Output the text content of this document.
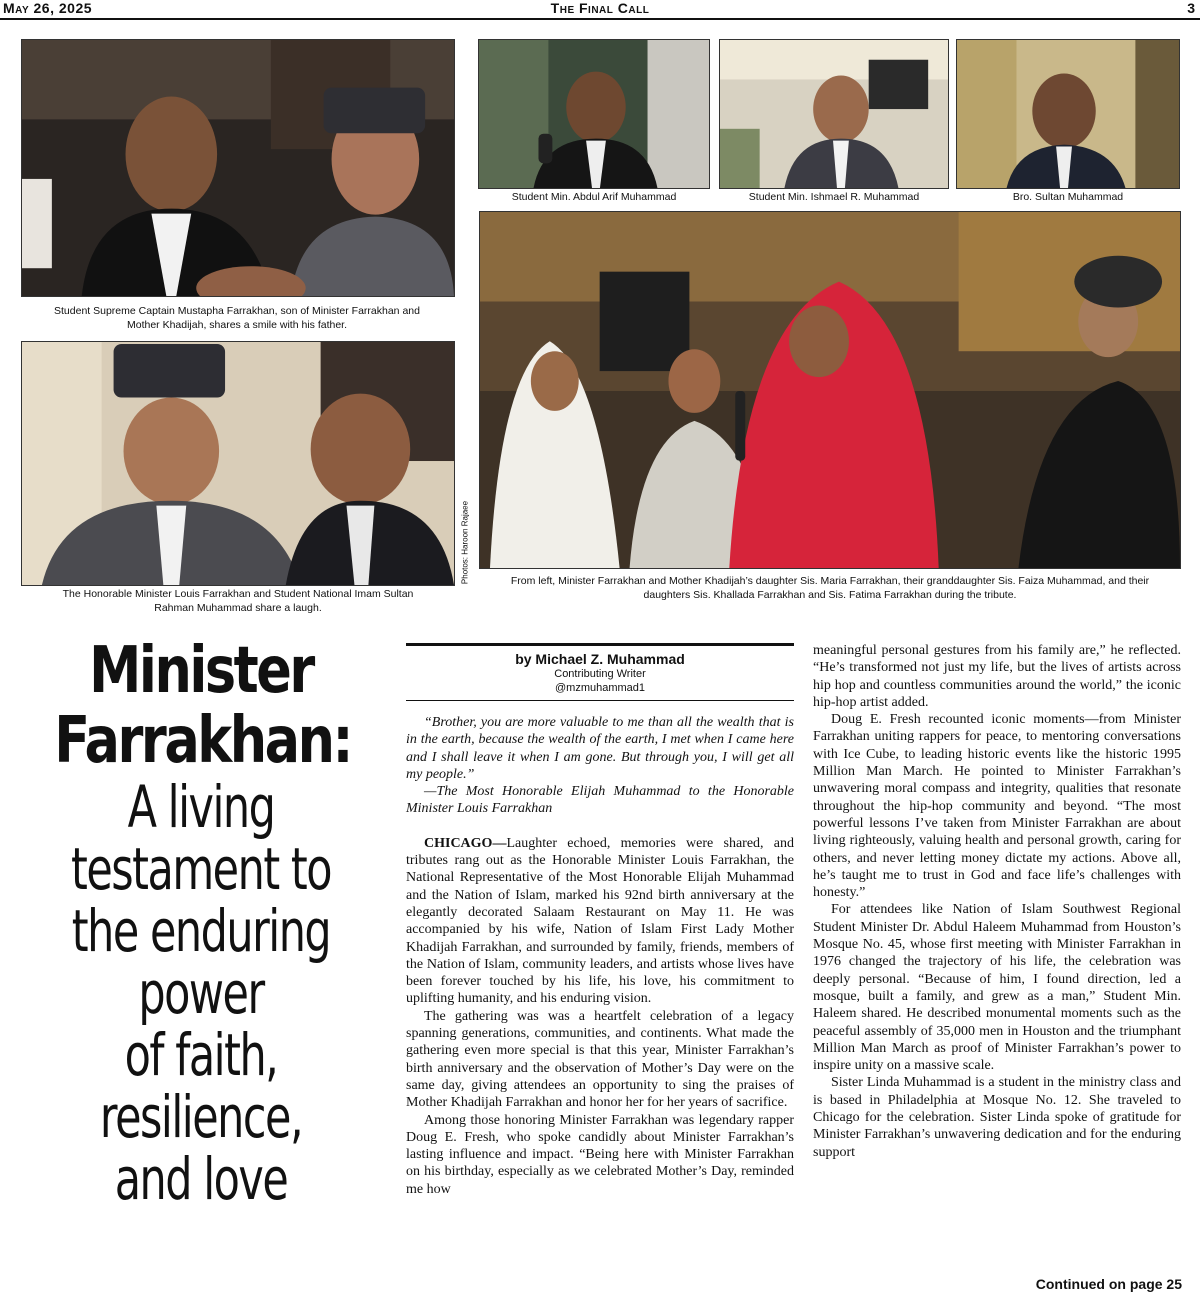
May 26, 2025	The Final Call	3
Student Supreme Captain Mustapha Farrakhan, son of Minister Farrakhan and Mother Khadijah, shares a smile with his father.
Student Min. Abdul Arif Muhammad	Student Min. Ishmael R. Muhammad	Bro. Sultan Muhammad
Photos: Haroon Rajaee
The Honorable Minister Louis Farrakhan and Student National Imam Sultan Rahman Muhammad share a laugh.
From left, Minister Farrakhan and Mother Khadijah’s daughter Sis. Maria Farrakhan, their granddaughter Sis. Faiza Muhammad, and their daughters Sis. Khallada Farrakhan and Sis. Fatima Farrakhan during the tribute.
Minister
Farrakhan:
A living
testament to
the enduring
power
of faith,
resilience,
and love
by Michael Z. Muhammad
Contributing Writer
@mzmuhammad1

“Brother, you are more valuable to me than all the wealth that is in the earth, because the wealth of the earth, I met when I came here and I shall leave it when I am gone. But through you, I will get all my people.”
—The Most Honorable Elijah Muhammad to the Honorable Minister Louis Farrakhan

CHICAGO—Laughter echoed, memories were shared, and tributes rang out as the Honorable Minister Louis Farrakhan, the National Representative of the Most Honorable Elijah Muhammad and the Nation of Islam, marked his 92nd birth anniversary at the elegantly decorated Salaam Restaurant on May 11. He was accompanied by his wife, Nation of Islam First Lady Mother Khadijah Farrakhan, and surrounded by family, friends, members of the Nation of Islam, community leaders, and artists whose lives have been forever touched by his life, his love, his commitment to uplifting humanity, and his enduring vision.

The gathering was was a heartfelt celebration of a legacy spanning generations, communities, and continents. What made the gathering even more special is that this year, Minister Farrakhan’s birth anniversary and the observation of Mother’s Day were on the same day, giving attendees an opportunity to sing the praises of Mother Khadijah Farrakhan and honor her for her years of sacrifice.

Among those honoring Minister Farrakhan was legendary rapper Doug E. Fresh, who spoke candidly about Minister Farrakhan’s lasting influence and impact. “Being here with Minister Farrakhan on his birthday, especially as we celebrated Mother’s Day, reminded me how

meaningful personal gestures from his family are,” he reflected. “He’s transformed not just my life, but the lives of artists across hip hop and countless communities around the world,” the iconic hip-hop artist added.

Doug E. Fresh recounted iconic moments—from Minister Farrakhan uniting rappers for peace, to mentoring conversations with Ice Cube, to leading historic events like the historic 1995 Million Man March. He pointed to Minister Farrakhan’s unwavering moral compass and integrity, qualities that resonate throughout the hip-hop community and beyond. “The most powerful lessons I’ve taken from Minister Farrakhan are about living righteously, valuing health and personal growth, caring for others, and never letting money dictate my actions. Above all, he’s taught me to trust in God and face life’s challenges with honesty.”

For attendees like Nation of Islam Southwest Regional Student Minister Dr. Abdul Haleem Muhammad from Houston’s Mosque No. 45, whose first meeting with Minister Farrakhan in 1976 changed the trajectory of his life, the celebration was deeply personal. “Because of him, I found direction, led a mosque, built a family, and grew as a man,” Student Min. Haleem shared. He described monumental moments such as the peaceful assembly of 35,000 men in Houston and the triumphant Million Man March as proof of Minister Farrakhan’s power to inspire unity on a massive scale.

Sister Linda Muhammad is a student in the ministry class and is based in Philadelphia at Mosque No. 12. She traveled to Chicago for the celebration. Sister Linda spoke of gratitude for Minister Farrakhan’s unwavering dedication and for the enduring support

Continued on page 25
